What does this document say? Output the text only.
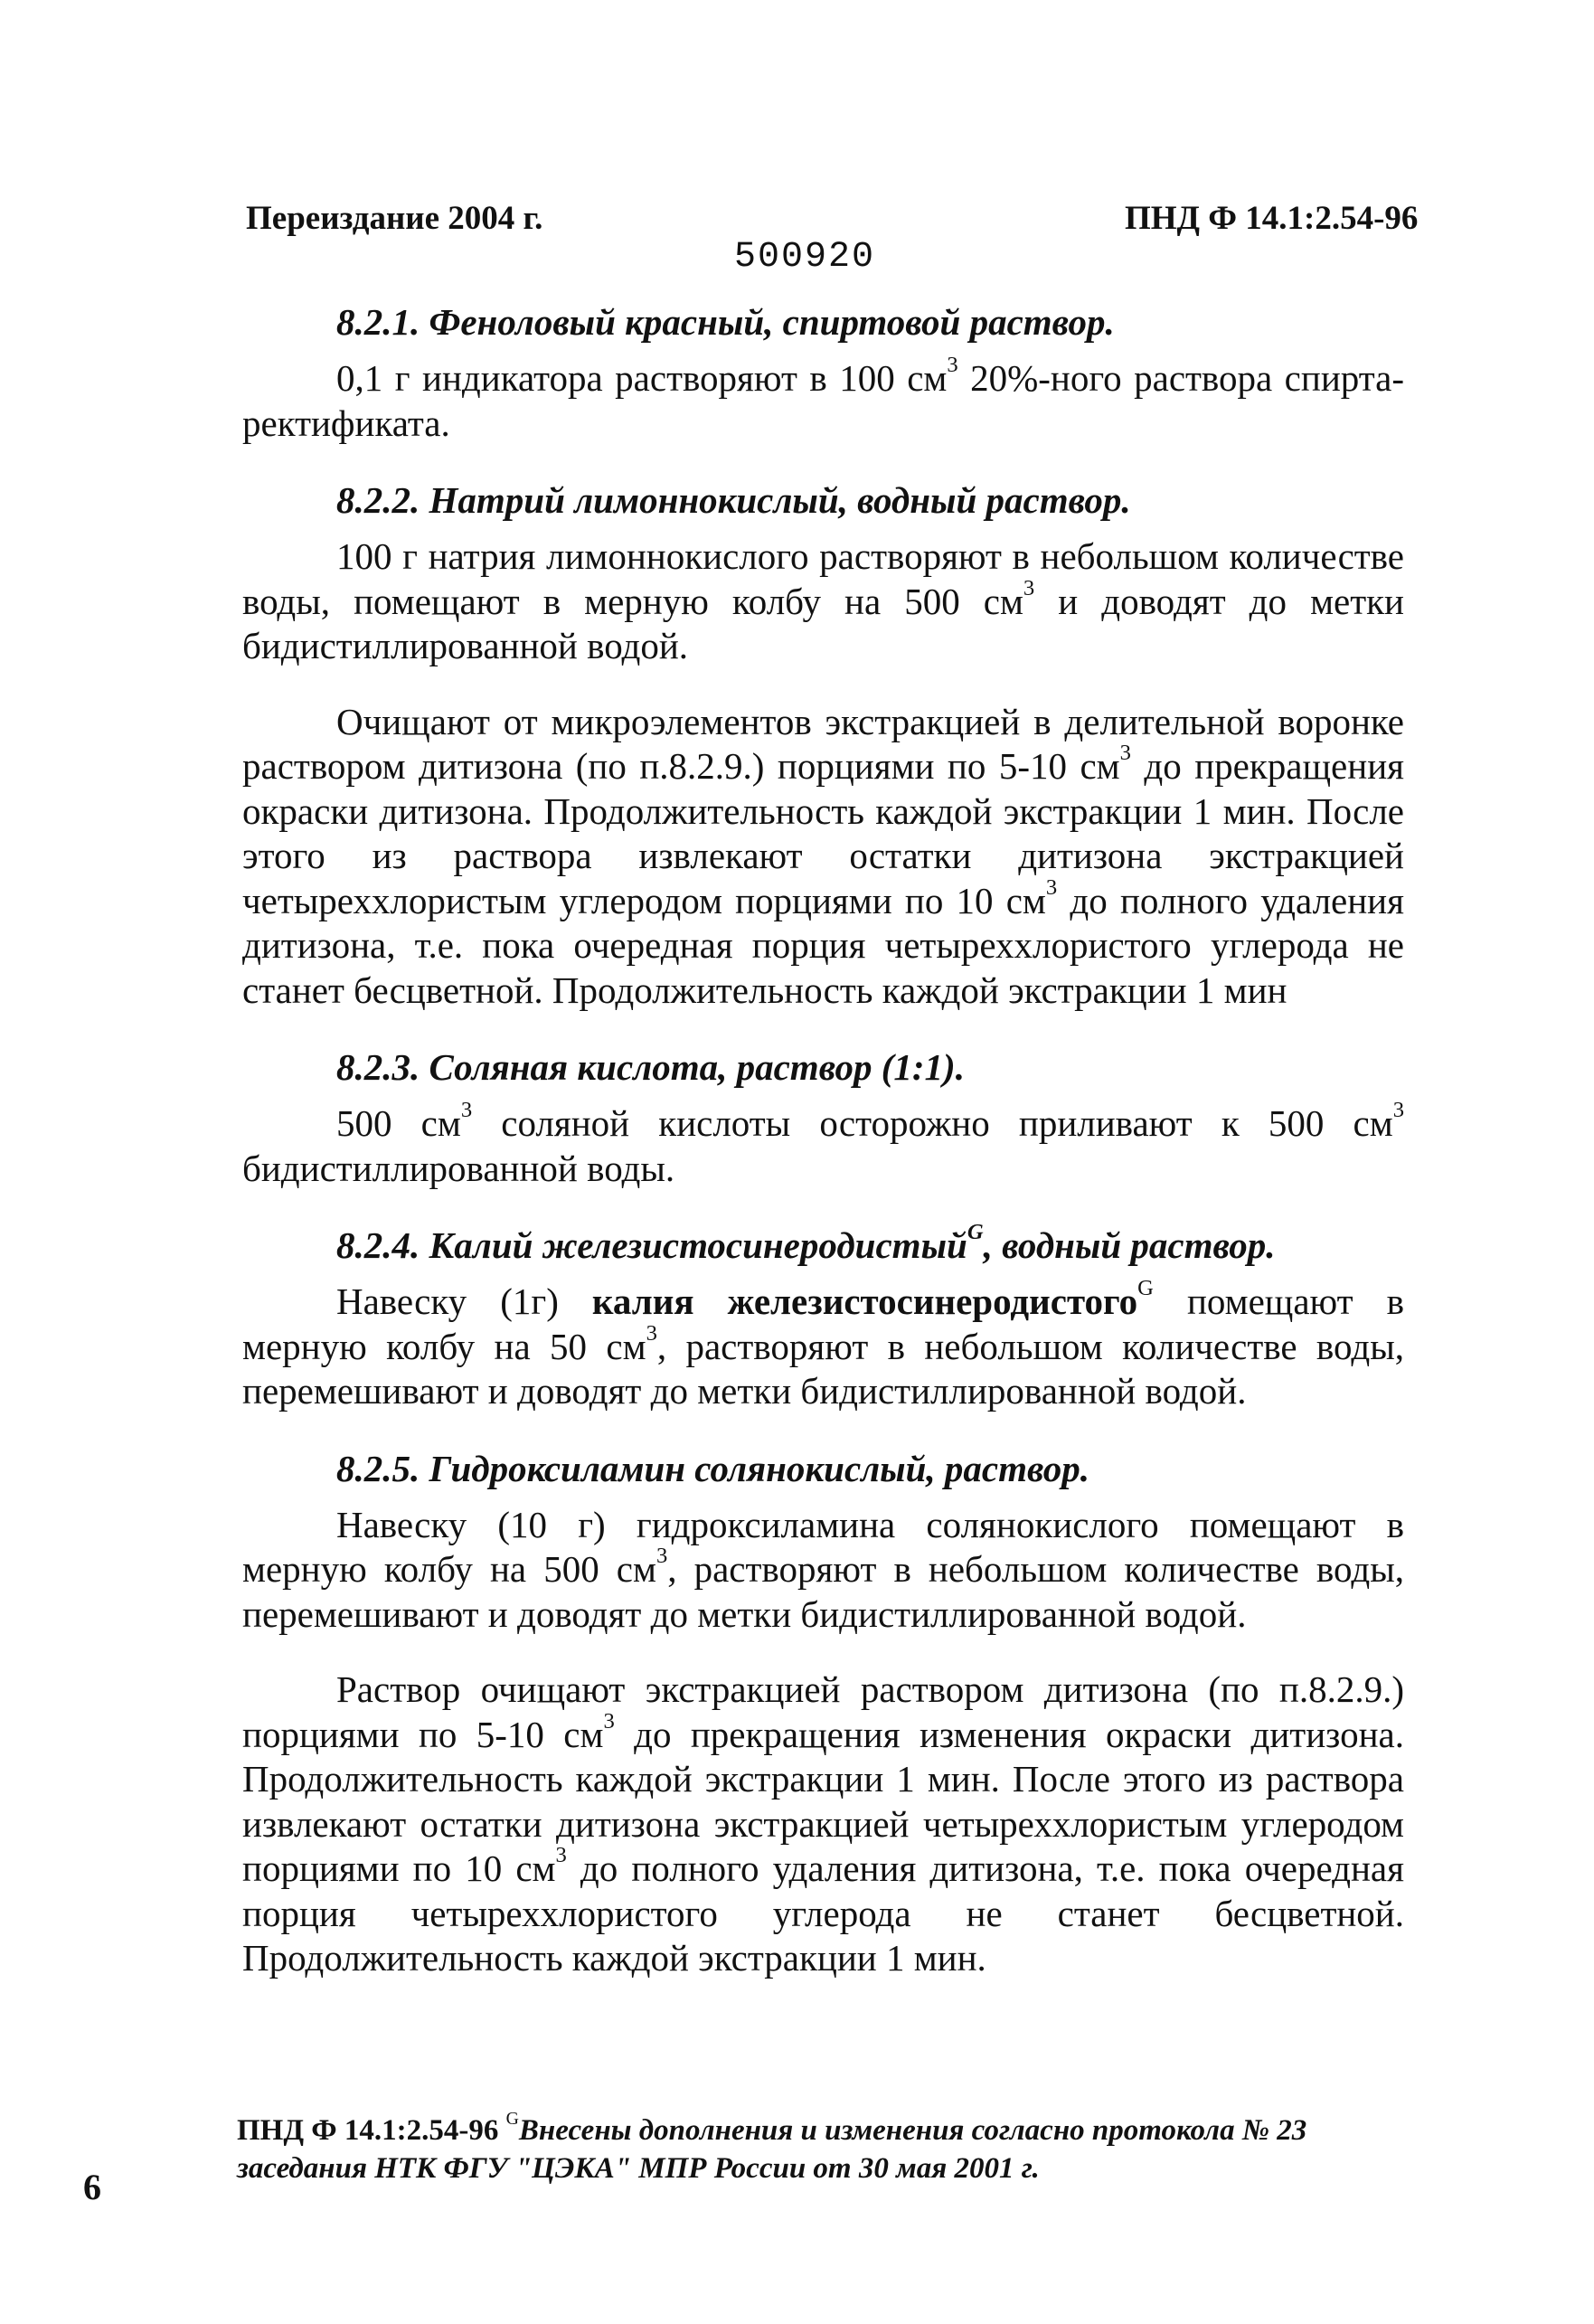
Переиздание 2004 г.	ПНД Ф 14.1:2.54-96
500920
8.2.1. Феноловый красный, спиртовой раствор.

0,1 г индикатора растворяют в 100 $см^3$ 20%-ного раствора спирта-ректификата.

8.2.2. Натрий лимоннокислый, водный раствор.

100 г натрия лимоннокислого растворяют в небольшом количестве воды, помещают в мерную колбу на 500 $см^3$ и доводят до метки бидистиллированной водой.

Очищают от микроэлементов экстракцией в делительной воронке раствором дитизона (по п.8.2.9.) порциями по 5-10 $см^3$ до прекращения окраски дитизона. Продолжительность каждой экстракции 1 мин. После этого из раствора извлекают остатки дитизона экстракцией четыреххлористым углеродом порциями по 10 $см^3$ до полного удаления дитизона, т.е. пока очередная порция четыреххлористого углерода не станет бесцветной. Продолжительность каждой экстракции 1 мин

8.2.3. Соляная кислота, раствор (1:1).

500 $см^3$ соляной кислоты осторожно приливают к 500 $см^3$ бидистиллированной воды.

8.2.4. Калий железистосинеродистый$^G$, водный раствор.

Навеску (1г) калия железистосинеродистого$^G$ помещают в мерную колбу на 50 $см^3$, растворяют в небольшом количестве воды, перемешивают и доводят до метки бидистиллированной водой.

8.2.5. Гидроксиламин солянокислый, раствор.

Навеску (10 г) гидроксиламина солянокислого помещают в мерную колбу на 500 $см^3$, растворяют в небольшом количестве воды, перемешивают и доводят до метки бидистиллированной водой.

Раствор очищают экстракцией раствором дитизона (по п.8.2.9.) порциями по 5-10 $см^3$ до прекращения изменения окраски дитизона. Продолжительность каждой экстракции 1 мин. После этого из раствора извлекают остатки дитизона экстракцией четыреххлористым углеродом порциями по 10 $см^3$ до полного удаления дитизона, т.е. пока очередная порция четыреххлористого углерода не станет бесцветной. Продолжительность каждой экстракции 1 мин.

ПНД Ф 14.1:2.54-96 $^G$Внесены дополнения и изменения согласно протокола № 23 заседания НТК ФГУ "ЦЭКА" МПР России от 30 мая 2001 г.
6
